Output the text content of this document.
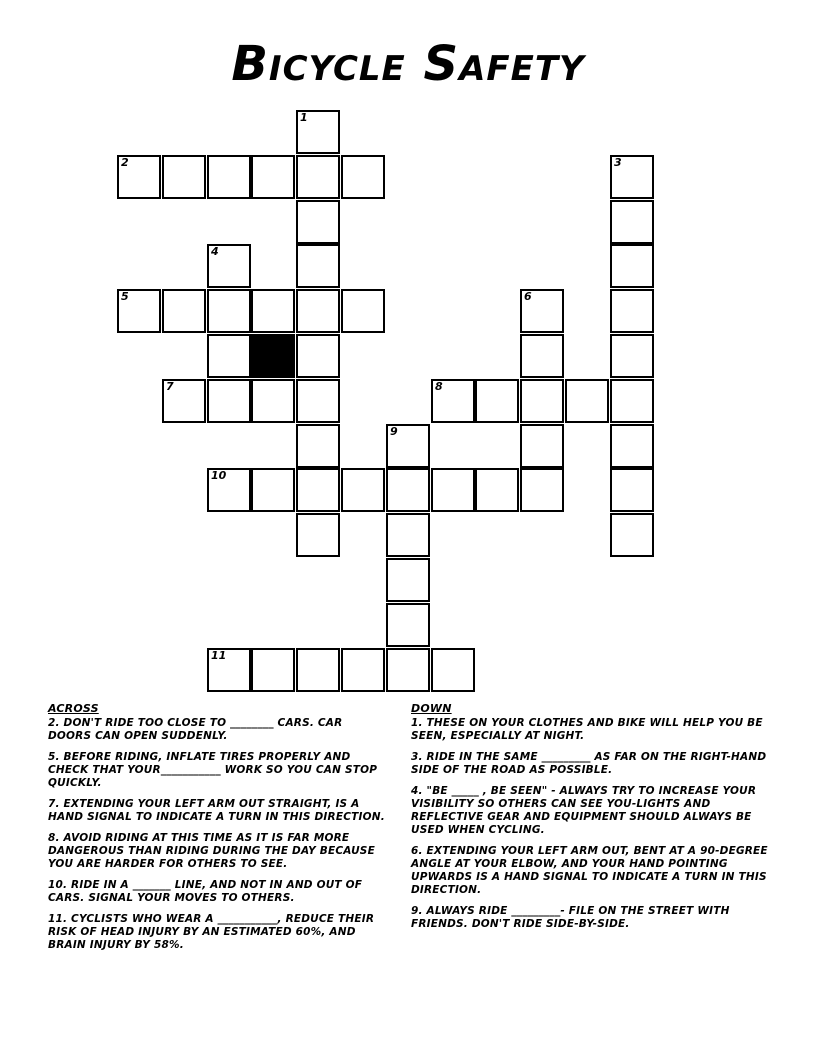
Bicycle Safety
1
2	3
4
5	6
7	8
9
10
11
ACROSS

2. DON'T RIDE TOO CLOSE TO ________ CARS. CAR DOORS CAN OPEN SUDDENLY.

5. BEFORE RIDING, INFLATE TIRES PROPERLY AND CHECK THAT YOUR___________ WORK SO YOU CAN STOP QUICKLY.

7. EXTENDING YOUR LEFT ARM OUT STRAIGHT, IS A HAND SIGNAL TO INDICATE A TURN IN THIS DIRECTION.

8. AVOID RIDING AT THIS TIME AS IT IS FAR MORE DANGEROUS THAN RIDING DURING THE DAY BECAUSE YOU ARE HARDER FOR OTHERS TO SEE.

10. RIDE IN A _______ LINE, AND NOT IN AND OUT OF CARS. SIGNAL YOUR MOVES TO OTHERS.

11. CYCLISTS WHO WEAR A ___________, REDUCE THEIR RISK OF HEAD INJURY BY AN ESTIMATED 60%, AND BRAIN INJURY BY 58%.

DOWN

1. THESE ON YOUR CLOTHES AND BIKE WILL HELP YOU BE SEEN, ESPECIALLY AT NIGHT.

3. RIDE IN THE SAME _________ AS FAR ON THE RIGHT-HAND SIDE OF THE ROAD AS POSSIBLE.

4. "BE _____ , BE SEEN" - ALWAYS TRY TO INCREASE YOUR VISIBILITY SO OTHERS CAN SEE YOU-LIGHTS AND REFLECTIVE GEAR AND EQUIPMENT SHOULD ALWAYS BE USED WHEN CYCLING.

6. EXTENDING YOUR LEFT ARM OUT, BENT AT A 90-DEGREE ANGLE AT YOUR ELBOW, AND YOUR HAND POINTING UPWARDS IS A HAND SIGNAL TO INDICATE A TURN IN THIS DIRECTION.

9. ALWAYS RIDE _________- FILE ON THE STREET WITH FRIENDS. DON'T RIDE SIDE-BY-SIDE.
